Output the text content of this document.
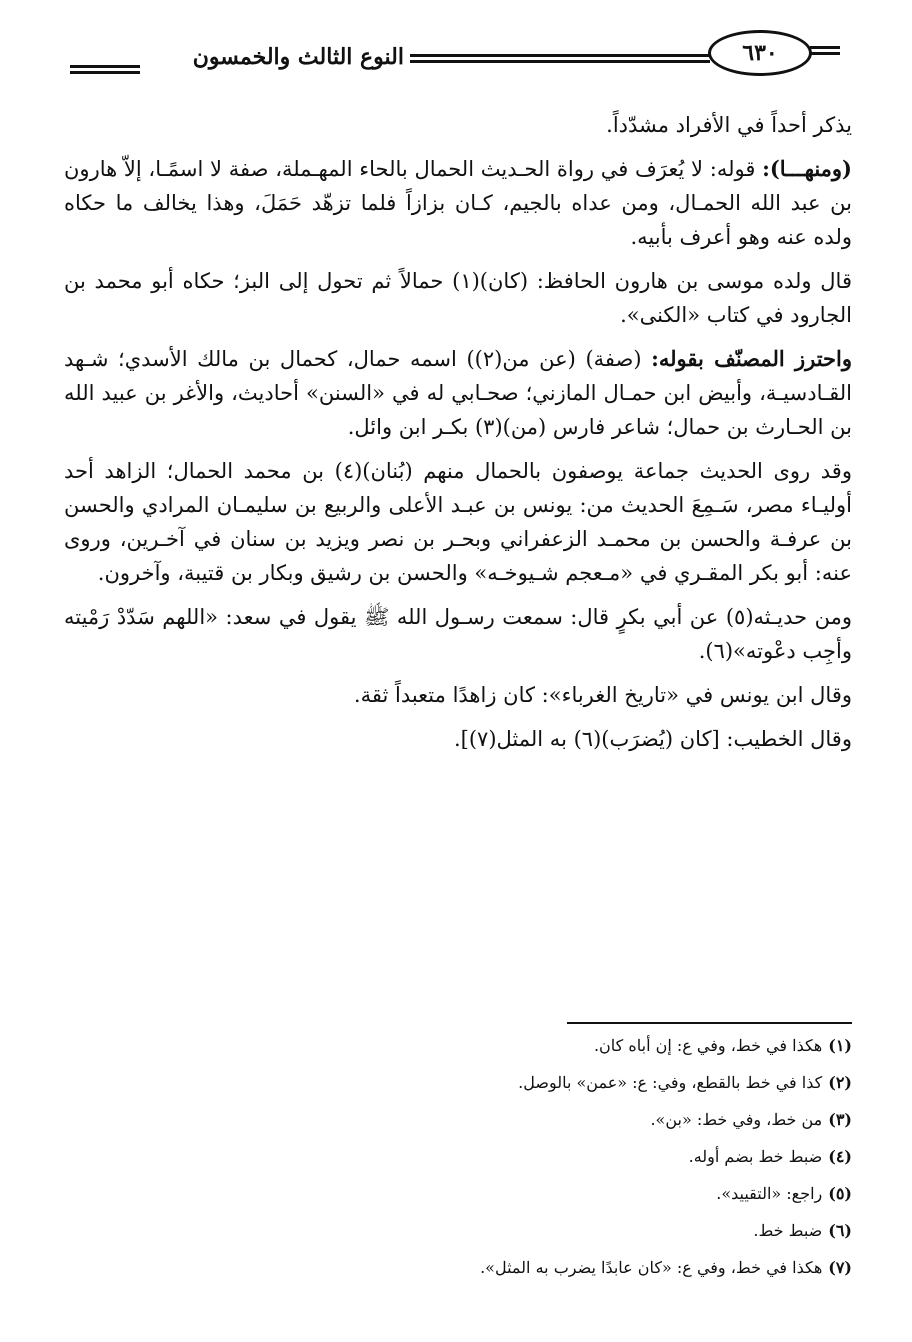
٦٣٠
النوع الثالث والخمسون

يذكر أحداً في الأفراد مشدّداً.

(ومنهـــا): قوله: لا يُعرَف في رواة الحـديث الحمال بالحاء المهـملة، صفة لا اسمًـا، إلاّ هارون بن عبد الله الحمـال، ومن عداه بالجيم، كـان بزازاً فلما تزهّد حَمَلَ، وهذا يخالف ما حكاه ولده عنه وهو أعرف بأبيه.

قال ولده موسى بن هارون الحافظ: (كان)(١) حمالاً ثم تحول إلى البز؛ حكاه أبو محمد بن الجارود في كتاب «الكنى».

واحترز المصنّف بقوله: (صفة) (عن من(٢)) اسمه حمال، كحمال بن مالك الأسدي؛ شـهد القـادسيـة، وأبيض ابن حمـال المازني؛ صحـابي له في «السنن» أحاديث، والأغر بن عبيد الله بن الحـارث بن حمال؛ شاعر فارس (من)(٣) بكـر ابن وائل.

وقد روى الحديث جماعة يوصفون بالحمال منهم (بُنان)(٤) بن محمد الحمال؛ الزاهد أحد أوليـاء مصر، سَـمِعَ الحديث من: يونس بن عبـد الأعلى والربيع بن سليمـان المرادي والحسن بن عرفـة والحسن بن محمـد الزعفراني وبحـر بن نصر ويزيد بن سنان في آخـرين، وروى عنه: أبو بكر المقـري في «مـعجم شـيوخـه» والحسن بن رشيق وبكار بن قتيبة، وآخرون.

ومن حديـثه(٥) عن أبي بكرٍ قال: سمعت رسـول الله ﷺ يقول في سعد: «اللهم سَدّدْ رَمْيته وأجِب دعْوته»(٦).

وقال ابن يونس في «تاريخ الغرباء»: كان زاهدًا متعبداً ثقة.

وقال الخطيب: [كان (يُضرَب)(٦) به المثل(٧)].

(١)هكذا في خط، وفي ع: إن أباه كان.
(٢)كذا في خط بالقطع، وفي: ع: «عمن» بالوصل.
(٣)من خط، وفي خط: «بن».
(٤)ضبط خط بضم أوله.
(٥)راجع: «التقييد».
(٦)ضبط خط.
(٧)هكذا في خط، وفي ع: «كان عابدًا يضرب به المثل».
